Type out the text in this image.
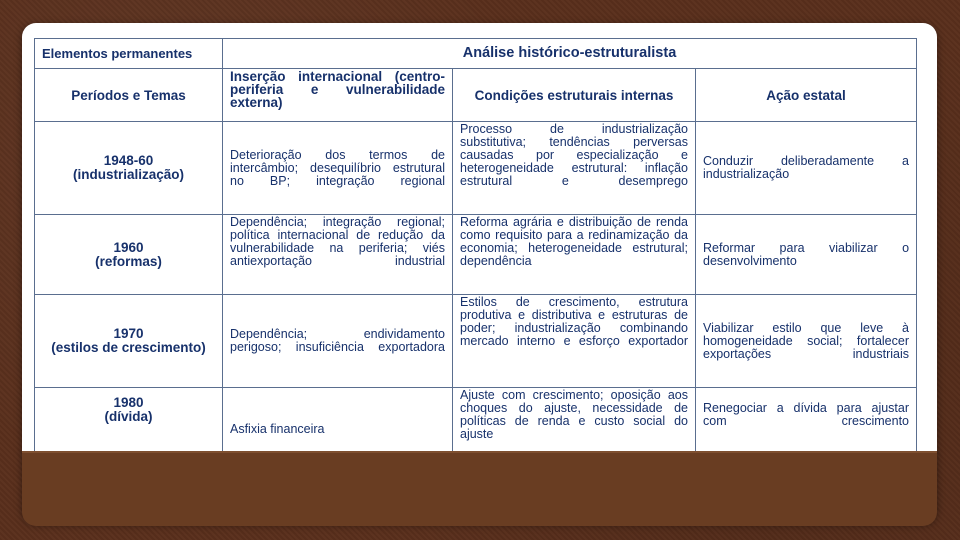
Elementos permanentes	Análise histórico-estruturalista		
Períodos e Temas	Inserção internacional (centro-periferia e vulnerabilidade externa)	Condições estruturais internas	Ação estatal

1948-60
(industrialização)	Deterioração dos termos de intercâmbio; desequilíbrio estrutural no BP; integração regional	Processo de industrialização substitutiva; tendências perversas causadas por especialização e heterogeneidade estrutural: inflação estrutural e desemprego	Conduzir deliberadamente a industrialização

1960
(reformas)	Dependência; integração regional; política internacional de redução da vulnerabilidade na periferia; viés antiexportação industrial	Reforma agrária e distribuição de renda como requisito para a redinamização da economia; heterogeneidade estrutural; dependência	Reformar para viabilizar o desenvolvimento

1970
(estilos de crescimento)	Dependência; endividamento perigoso; insuficiência exportadora	Estilos de crescimento, estrutura produtiva e distributiva e estruturas de poder; industrialização combinando mercado interno e esforço exportador	Viabilizar estilo que leve à homogeneidade social; fortalecer exportações industriais

1980
(dívida)	Asfixia financeira	Ajuste com crescimento; oposição aos choques do ajuste, necessidade de políticas de renda e custo social do ajuste	Renegociar a dívida para ajustar com crescimento
